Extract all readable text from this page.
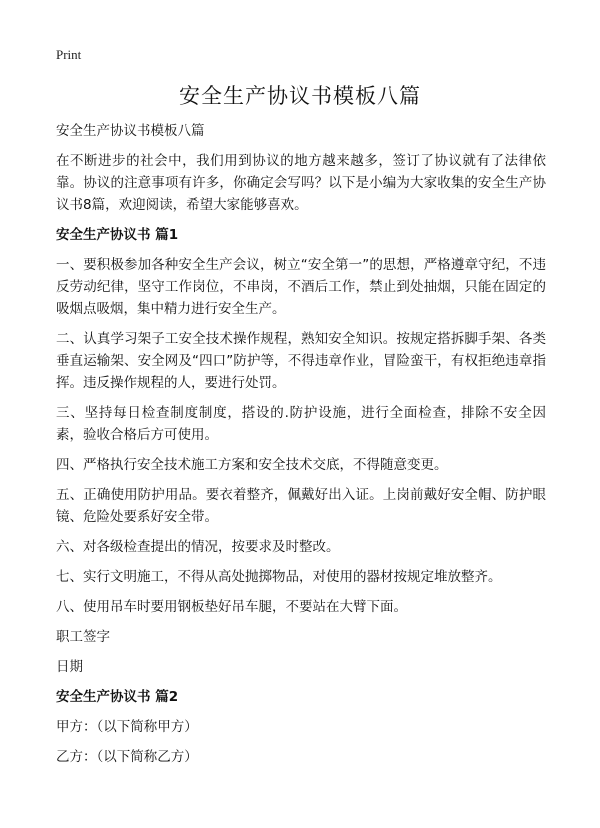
Print
安全生产协议书模板八篇

安全生产协议书模板八篇

在不断进步的社会中，我们用到协议的地方越来越多，签订了协议就有了法律依靠。协议的注意事项有许多，你确定会写吗？以下是小编为大家收集的安全生产协议书8篇，欢迎阅读，希望大家能够喜欢。

安全生产协议书 篇1

一、要积极参加各种安全生产会议，树立“安全第一”的思想，严格遵章守纪，不违反劳动纪律，坚守工作岗位，不串岗，不酒后工作，禁止到处抽烟，只能在固定的吸烟点吸烟，集中精力进行安全生产。

二、认真学习架子工安全技术操作规程，熟知安全知识。按规定搭拆脚手架、各类垂直运输架、安全网及“四口”防护等，不得违章作业，冒险蛮干，有权拒绝违章指挥。违反操作规程的人，要进行处罚。

三、坚持每日检查制度制度，搭设的.防护设施，进行全面检查，排除不安全因素，验收合格后方可使用。

四、严格执行安全技术施工方案和安全技术交底，不得随意变更。

五、正确使用防护用品。要衣着整齐，佩戴好出入证。上岗前戴好安全帽、防护眼镜、危险处要系好安全带。

六、对各级检查提出的情况，按要求及时整改。

七、实行文明施工，不得从高处抛掷物品，对使用的器材按规定堆放整齐。

八、使用吊车时要用钢板垫好吊车腿，不要站在大臂下面。

职工签字

日期

安全生产协议书 篇2

甲方：（以下简称甲方）

乙方：（以下简称乙方）
